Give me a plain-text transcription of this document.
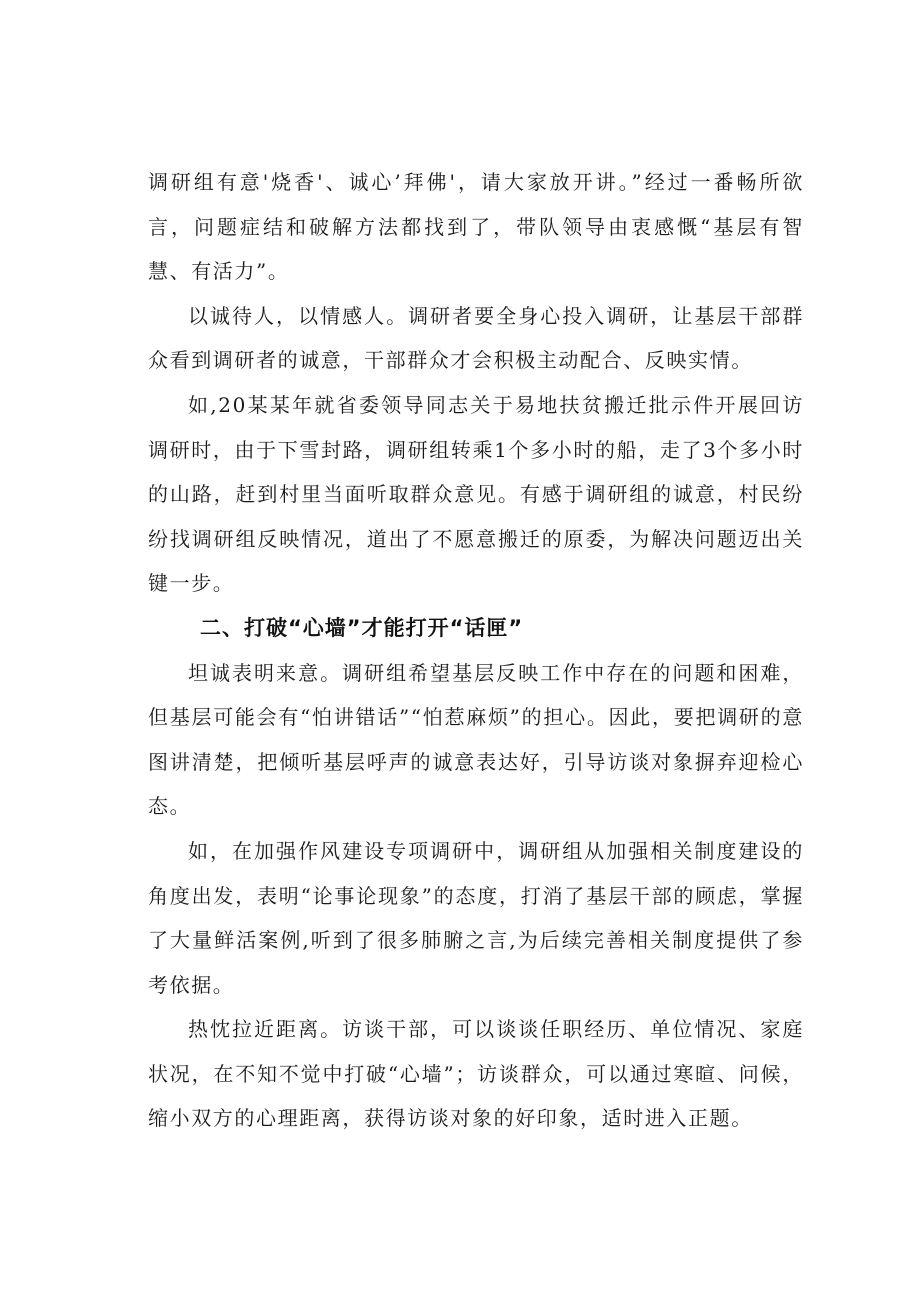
调研组有意'烧香'、诚心’拜佛'，请大家放开讲。”经过一番畅所欲言，问题症结和破解方法都找到了，带队领导由衷感慨“基层有智慧、有活力”。

以诚待人，以情感人。调研者要全身心投入调研，让基层干部群众看到调研者的诚意，干部群众才会积极主动配合、反映实情。

如,20某某年就省委领导同志关于易地扶贫搬迁批示件开展回访调研时，由于下雪封路，调研组转乘1个多小时的船，走了3个多小时的山路，赶到村里当面听取群众意见。有感于调研组的诚意，村民纷纷找调研组反映情况，道出了不愿意搬迁的原委，为解决问题迈出关键一步。

二、打破“心墙”才能打开“话匣”

坦诚表明来意。调研组希望基层反映工作中存在的问题和困难，但基层可能会有“怕讲错话”“怕惹麻烦”的担心。因此，要把调研的意图讲清楚，把倾听基层呼声的诚意表达好，引导访谈对象摒弃迎检心态。

如，在加强作风建设专项调研中，调研组从加强相关制度建设的角度出发，表明“论事论现象”的态度，打消了基层干部的顾虑，掌握了大量鲜活案例,听到了很多肺腑之言,为后续完善相关制度提供了参考依据。

热忱拉近距离。访谈干部，可以谈谈任职经历、单位情况、家庭状况，在不知不觉中打破“心墙”；访谈群众，可以通过寒暄、问候，缩小双方的心理距离，获得访谈对象的好印象，适时进入正题。
